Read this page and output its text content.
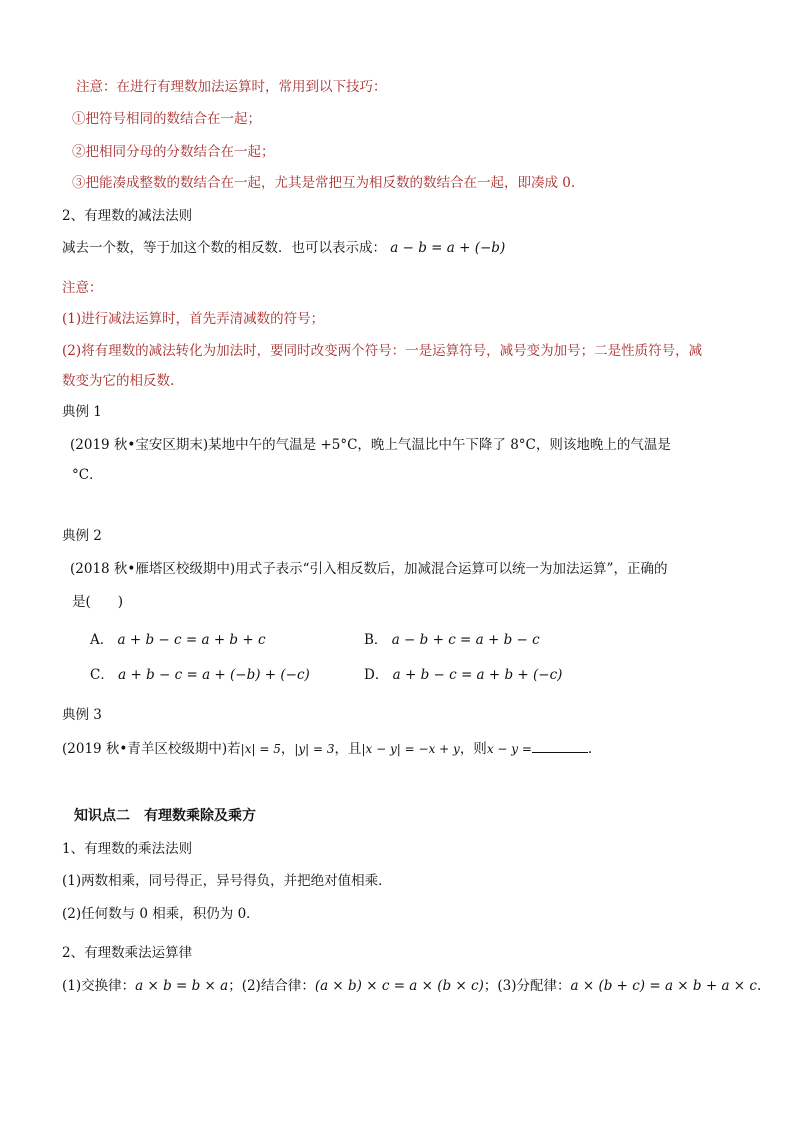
注意：在进行有理数加法运算时，常用到以下技巧：
①把符号相同的数结合在一起；
②把相同分母的分数结合在一起；
③把能凑成整数的数结合在一起，尤其是常把互为相反数的数结合在一起，即凑成 0.
2、有理数的减法法则
减去一个数，等于加这个数的相反数．也可以表示成： a − b = a + (−b)
注意：
(1)进行减法运算时，首先弄清减数的符号；
(2)将有理数的减法转化为加法时，要同时改变两个符号：一是运算符号，减号变为加号；二是性质符号，减
数变为它的相反数.
典例 1
(2019 秋•宝安区期末)某地中午的气温是 +5°C，晚上气温比中午下降了 8°C，则该地晚上的气温是
°C．
典例 2
(2018 秋•雁塔区校级期中)用式子表示“引入相反数后，加减混合运算可以统一为加法运算”，正确的
是(　　)
A． a + b − c = a + b + c	B． a − b + c = a + b − c
C． a + b − c = a + (−b) + (−c)	D． a + b − c = a + b + (−c)
典例 3
(2019 秋•青羊区校级期中)若|x| = 5，|y| = 3，且|x − y| = −x + y，则x − y =	.
知识点二　有理数乘除及乘方
1、有理数的乘法法则
(1)两数相乘，同号得正，异号得负，并把绝对值相乘．
(2)任何数与 0 相乘，积仍为 0．
2、有理数乘法运算律
(1)交换律：a × b = b × a；(2)结合律：(a × b) × c = a × (b × c)；(3)分配律：a × (b + c) = a × b + a × c.
